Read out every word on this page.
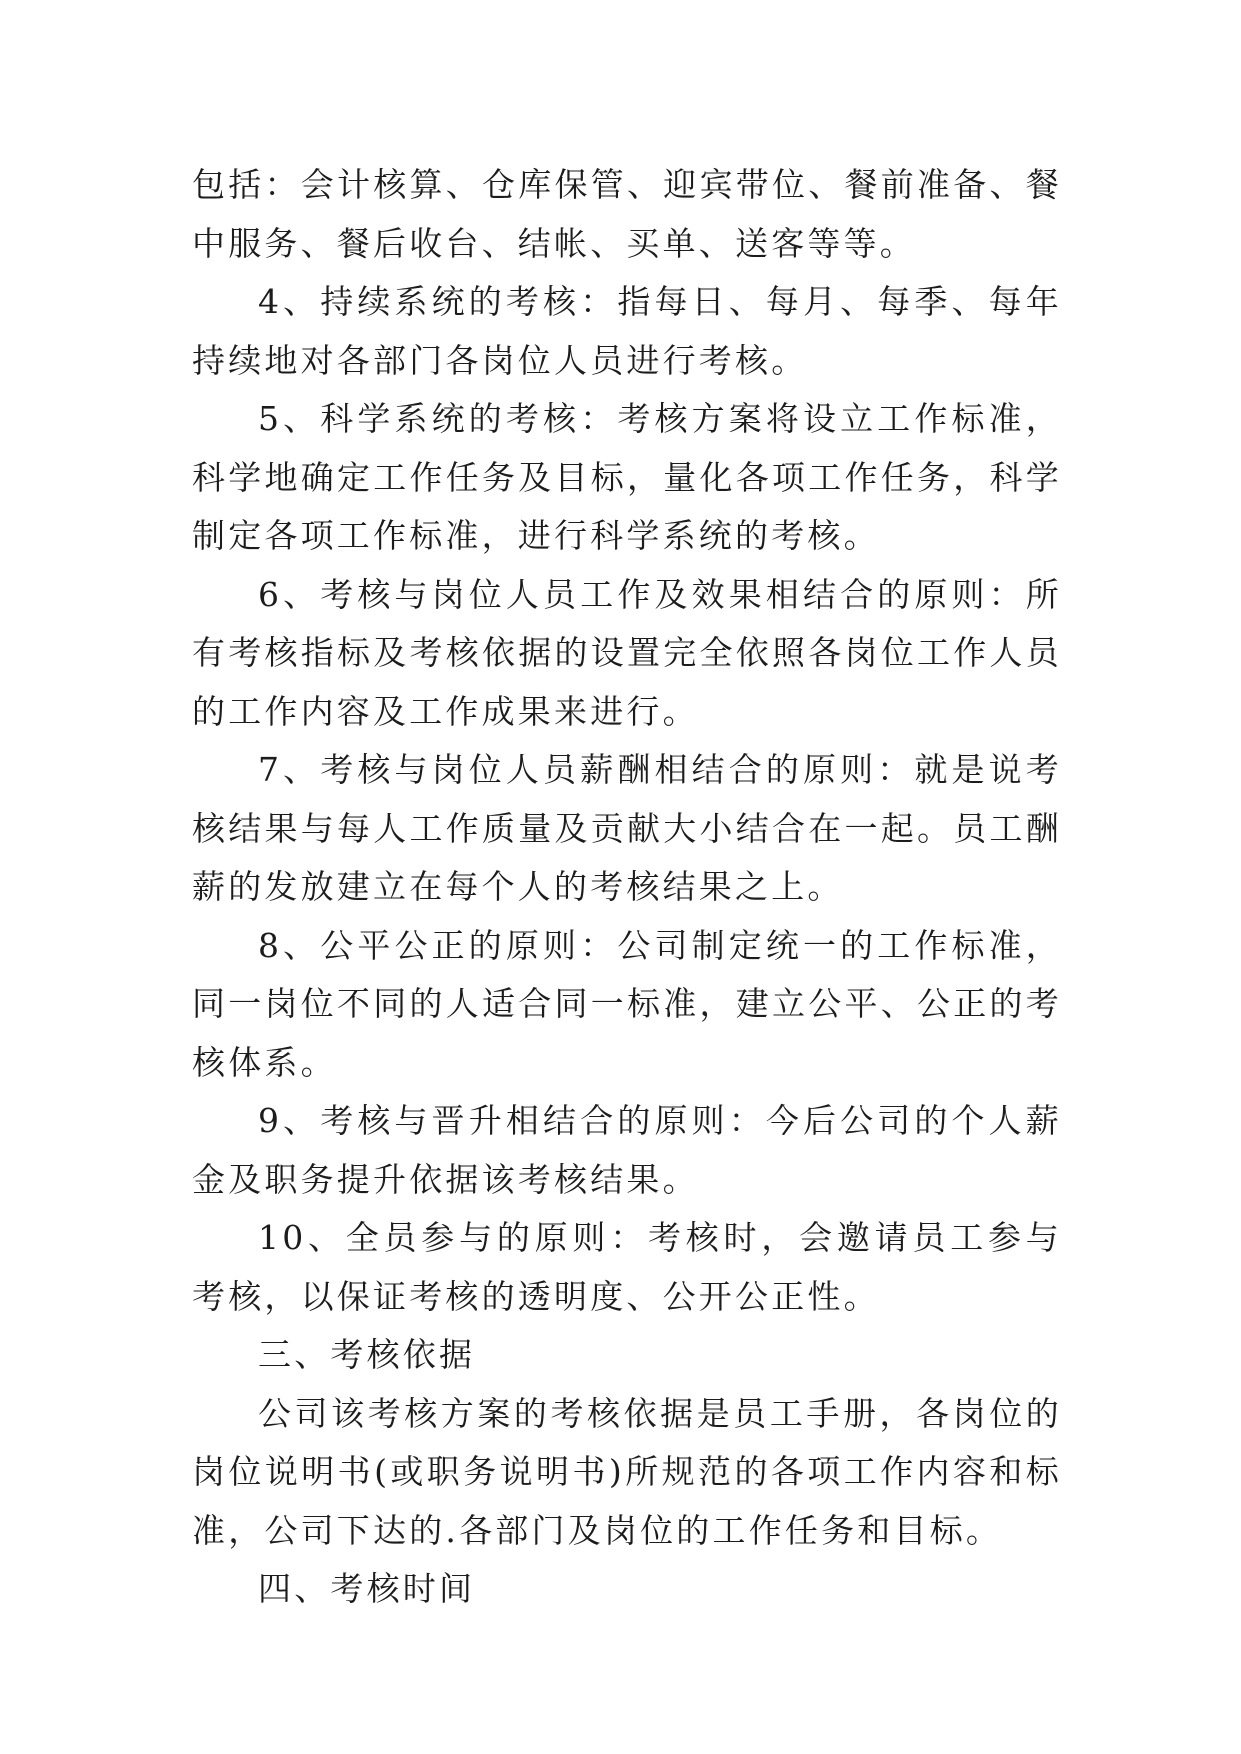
包括：会计核算、仓库保管、迎宾带位、餐前准备、餐中服务、餐后收台、结帐、买单、送客等等。

4、持续系统的考核：指每日、每月、每季、每年持续地对各部门各岗位人员进行考核。

5、科学系统的考核：考核方案将设立工作标准，科学地确定工作任务及目标，量化各项工作任务，科学制定各项工作标准，进行科学系统的考核。

6、考核与岗位人员工作及效果相结合的原则：所有考核指标及考核依据的设置完全依照各岗位工作人员的工作内容及工作成果来进行。

7、考核与岗位人员薪酬相结合的原则：就是说考核结果与每人工作质量及贡献大小结合在一起。员工酬薪的发放建立在每个人的考核结果之上。

8、公平公正的原则：公司制定统一的工作标准，同一岗位不同的人适合同一标准，建立公平、公正的考核体系。

9、考核与晋升相结合的原则：今后公司的个人薪金及职务提升依据该考核结果。

10、全员参与的原则：考核时，会邀请员工参与考核，以保证考核的透明度、公开公正性。

三、考核依据

公司该考核方案的考核依据是员工手册，各岗位的岗位说明书(或职务说明书)所规范的各项工作内容和标准，公司下达的.各部门及岗位的工作任务和目标。

四、考核时间
